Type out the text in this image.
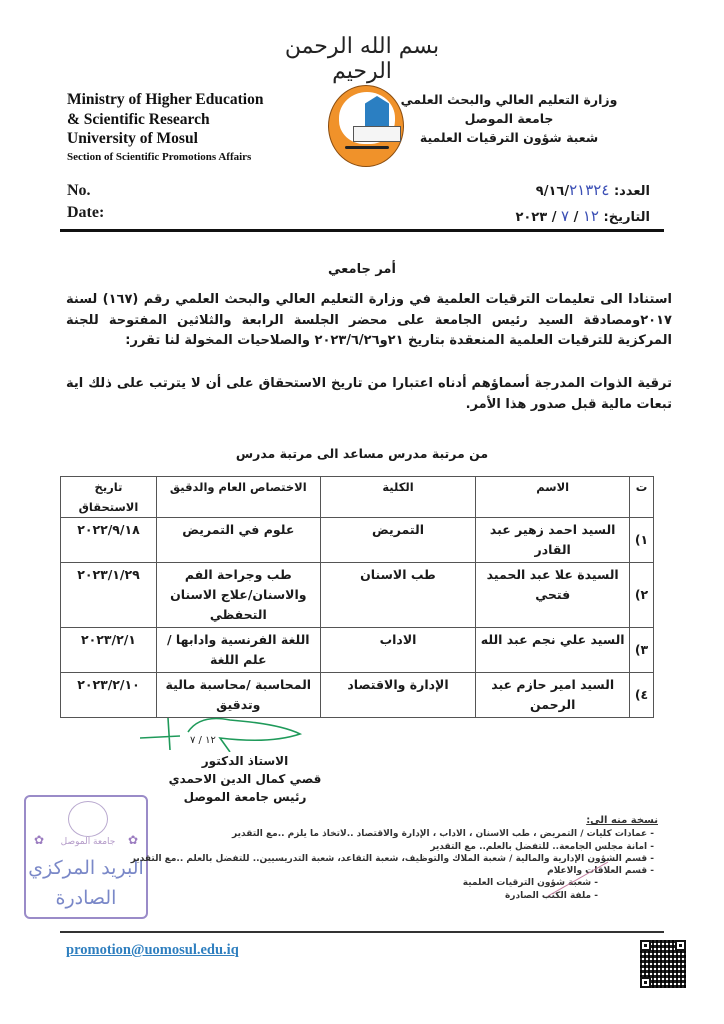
بسم الله الرحمن الرحيم
Ministry of Higher Education
& Scientific Research
University of Mosul
Section of Scientific Promotions Affairs
وزارة التعليم العالي والبحث العلمي
جامعة الموصل
شعبة شؤون الترقيات العلمية
No.
Date:
العدد: ٩/١٦/٢١٣٢٤
التاريخ: ١٢ / ٧ / ٢٠٢٣
أمر جامعي
استنادا الى تعليمات الترقيات العلمية في وزارة التعليم العالي والبحث العلمي رقم (١٦٧) لسنة ٢٠١٧ومصادقة السيد رئيس الجامعة على محضر الجلسة الرابعة والثلاثين المفتوحة للجنة المركزية للترقيات العلمية المنعقدة بتاريخ ٢١و٢٠٢٣/٦/٢٦ والصلاحيات المخولة لنا تقرر:
ترقية الذوات المدرجة أسماؤهم أدناه اعتبارا من تاريخ الاستحقاق على أن لا يترتب على ذلك اية تبعات مالية قبل صدور هذا الأمر.
من مرتبة مدرس مساعد الى مرتبة مدرس
ت	الاسم	الكلية	الاختصاص العام والدقيق	تاريخ الاستحقاق
١)	السيد احمد زهير عبد القادر	التمريض	علوم في التمريض	٢٠٢٢/٩/١٨
٢)	السيدة علا عبد الحميد فتحي	طب الاسنان	طب وجراحة الفم والاسنان/علاج الاسنان التحفظي	٢٠٢٣/١/٢٩
٣)	السيد علي نجم عبد الله	الاداب	اللغة الفرنسية وادابها /علم اللغة	٢٠٢٣/٢/١
٤)	السيد امير حازم عبد الرحمن	الإدارة والاقتصاد	المحاسبة /محاسبة مالية وتدقيق	٢٠٢٣/٢/١٠
١٢ / ٧
الاستاذ الدكتور
قصي كمال الدين الاحمدي
رئيس جامعة الموصل
جامعة الموصل
✿	✿
البريد المركزي
الصادرة
نسخة منه الى:
- عمادات كليات / التمريض ، طب الاسنان ، الاداب ، الإدارة والاقتصاد ..لاتخاذ ما يلزم ..مع التقدير
- امانة مجلس الجامعة.. للتفضل بالعلم.. مع التقدير
- قسم الشؤون الإدارية والمالية / شعبة الملاك والتوظيف، شعبة التقاعد، شعبة التدريسيين.. للتفضل بالعلم ..مع التقدير
- قسم العلاقات والاعلام
- شعبة شؤون الترقيات العلمية
- ملفة الكتب الصادرة
promotion@uomosul.edu.iq
